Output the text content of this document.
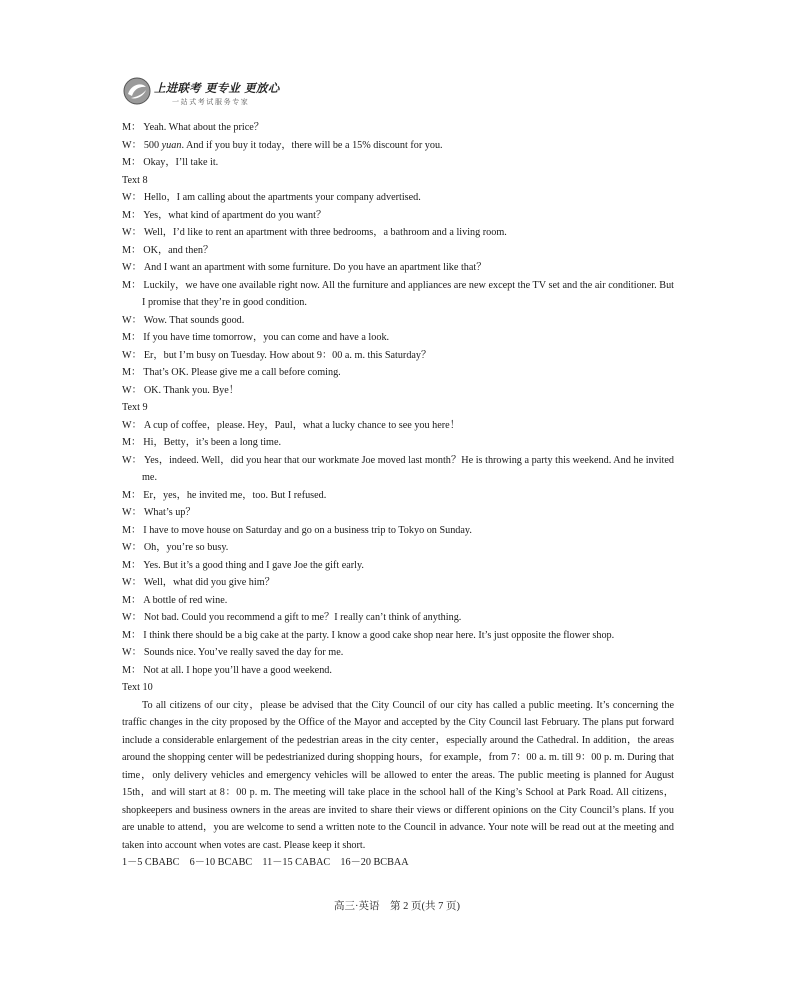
上进联考 更专业 更放心
一站式考试服务专家

M： Yeah. What about the price？

W： 500 yuan. And if you buy it today，there will be a 15% discount for you.

M： Okay，I’ll take it.

Text 8

W： Hello，I am calling about the apartments your company advertised.

M： Yes，what kind of apartment do you want？

W： Well，I’d like to rent an apartment with three bedrooms，a bathroom and a living room.

M： OK，and then？

W： And I want an apartment with some furniture. Do you have an apartment like that？

M： Luckily，we have one available right now. All the furniture and appliances are new except the TV set and the air conditioner. But I promise that they’re in good condition.

W： Wow. That sounds good.

M： If you have time tomorrow，you can come and have a look.

W： Er，but I’m busy on Tuesday. How about 9：00 a. m. this Saturday？

M： That’s OK. Please give me a call before coming.

W： OK. Thank you. Bye！

Text 9

W： A cup of coffee，please. Hey，Paul，what a lucky chance to see you here！

M： Hi，Betty，it’s been a long time.

W： Yes，indeed. Well，did you hear that our workmate Joe moved last month？He is throwing a party this weekend. And he invited me.

M： Er，yes，he invited me，too. But I refused.

W： What’s up？

M： I have to move house on Saturday and go on a business trip to Tokyo on Sunday.

W： Oh，you’re so busy.

M： Yes. But it’s a good thing and I gave Joe the gift early.

W： Well，what did you give him？

M： A bottle of red wine.

W： Not bad. Could you recommend a gift to me？I really can’t think of anything.

M： I think there should be a big cake at the party. I know a good cake shop near here. It’s just opposite the flower shop.

W： Sounds nice. You’ve really saved the day for me.

M： Not at all. I hope you’ll have a good weekend.

Text 10

To all citizens of our city，please be advised that the City Council of our city has called a public meeting. It’s concerning the traffic changes in the city proposed by the Office of the Mayor and accepted by the City Council last February. The plans put forward include a considerable enlargement of the pedestrian areas in the city center，especially around the Cathedral. In addition，the areas around the shopping center will be pedestrianized during shopping hours，for example，from 7：00 a. m. till 9：00 p. m. During that time，only delivery vehicles and emergency vehicles will be allowed to enter the areas. The public meeting is planned for August 15th，and will start at 8：00 p. m. The meeting will take place in the school hall of the King’s School at Park Road. All citizens，shopkeepers and business owners in the areas are invited to share their views or different opinions on the City Council’s plans. If you are unable to attend，you are welcome to send a written note to the Council in advance. Your note will be read out at the meeting and taken into account when votes are cast. Please keep it short.

1－5 CBABC　6－10 BCABC　11－15 CABAC　16－20 BCBAA

高三·英语　第 2 页(共 7 页)
